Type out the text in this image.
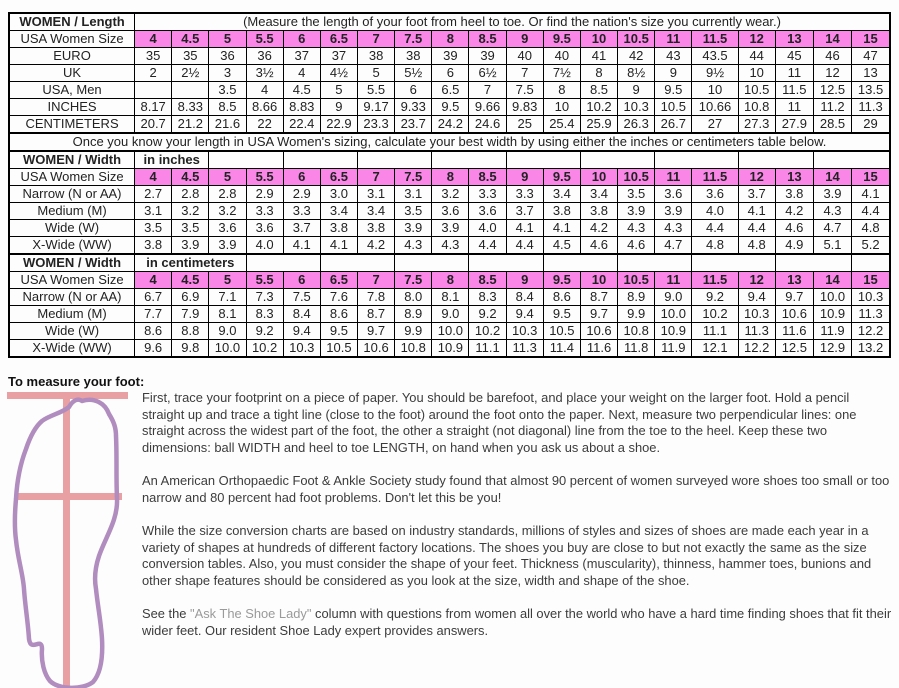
WOMEN / Length	(Measure the length of your foot from heel to toe. Or find the nation's size you currently wear.)																			
USA Women Size	4	4.5	5	5.5	6	6.5	7	7.5	8	8.5	9	9.5	10	10.5	11	11.5	12	13	14	15
EURO	35	35	36	36	37	37	38	38	39	39	40	40	41	42	43	43.5	44	45	46	47
UK	2	2½	3	3½	4	4½	5	5½	6	6½	7	7½	8	8½	9	9½	10	11	12	13
USA, Men			3.5	4	4.5	5	5.5	6	6.5	7	7.5	8	8.5	9	9.5	10	10.5	11.5	12.5	13.5
INCHES	8.17	8.33	8.5	8.66	8.83	9	9.17	9.33	9.5	9.66	9.83	10	10.2	10.3	10.5	10.66	10.8	11	11.2	11.3
CENTIMETERS	20.7	21.2	21.6	22	22.4	22.9	23.3	23.7	24.2	24.6	25	25.4	25.9	26.3	26.7	27	27.3	27.9	28.5	29
Once you know your length in USA Women's sizing, calculate your best width by using either the inches or centimeters table below.																				
WOMEN / Width	in inches																			
USA Women Size	4	4.5	5	5.5	6	6.5	7	7.5	8	8.5	9	9.5	10	10.5	11	11.5	12	13	14	15
Narrow (N or AA)	2.7	2.8	2.8	2.9	2.9	3.0	3.1	3.1	3.2	3.3	3.3	3.4	3.4	3.5	3.6	3.6	3.7	3.8	3.9	4.1
Medium (M)	3.1	3.2	3.2	3.3	3.3	3.4	3.4	3.5	3.6	3.6	3.7	3.8	3.8	3.9	3.9	4.0	4.1	4.2	4.3	4.4
Wide (W)	3.5	3.5	3.6	3.6	3.7	3.8	3.8	3.9	3.9	4.0	4.1	4.1	4.2	4.3	4.3	4.4	4.4	4.6	4.7	4.8
X-Wide (WW)	3.8	3.9	3.9	4.0	4.1	4.1	4.2	4.3	4.3	4.4	4.4	4.5	4.6	4.6	4.7	4.8	4.8	4.9	5.1	5.2
WOMEN / Width	in centimeters																			
USA Women Size	4	4.5	5	5.5	6	6.5	7	7.5	8	8.5	9	9.5	10	10.5	11	11.5	12	13	14	15
Narrow (N or AA)	6.7	6.9	7.1	7.3	7.5	7.6	7.8	8.0	8.1	8.3	8.4	8.6	8.7	8.9	9.0	9.2	9.4	9.7	10.0	10.3
Medium (M)	7.7	7.9	8.1	8.3	8.4	8.6	8.7	8.9	9.0	9.2	9.4	9.5	9.7	9.9	10.0	10.2	10.3	10.6	10.9	11.3
Wide (W)	8.6	8.8	9.0	9.2	9.4	9.5	9.7	9.9	10.0	10.2	10.3	10.5	10.6	10.8	10.9	11.1	11.3	11.6	11.9	12.2
X-Wide (WW)	9.6	9.8	10.0	10.2	10.3	10.5	10.6	10.8	10.9	11.1	11.3	11.4	11.6	11.8	11.9	12.1	12.2	12.5	12.9	13.2
To measure your foot:

First, trace your footprint on a piece of paper. You should be barefoot, and place your weight on the larger foot. Hold a pencil straight up and trace a tight line (close to the foot) around the foot onto the paper. Next, measure two perpendicular lines: one straight across the widest part of the foot, the other a straight (not diagonal) line from the toe to the heel. Keep these two dimensions: ball WIDTH and heel to toe LENGTH, on hand when you ask us about a shoe.

An American Orthopaedic Foot & Ankle Society study found that almost 90 percent of women surveyed wore shoes too small or too narrow and 80 percent had foot problems. Don't let this be you!

While the size conversion charts are based on industry standards, millions of styles and sizes of shoes are made each year in a variety of shapes at hundreds of different factory locations. The shoes you buy are close to but not exactly the same as the size conversion tables. Also, you must consider the shape of your feet. Thickness (muscularity), thinness, hammer toes, bunions and other shape features should be considered as you look at the size, width and shape of the shoe.

See the "Ask The Shoe Lady" column with questions from women all over the world who have a hard time finding shoes that fit their wider feet. Our resident Shoe Lady expert provides answers.
